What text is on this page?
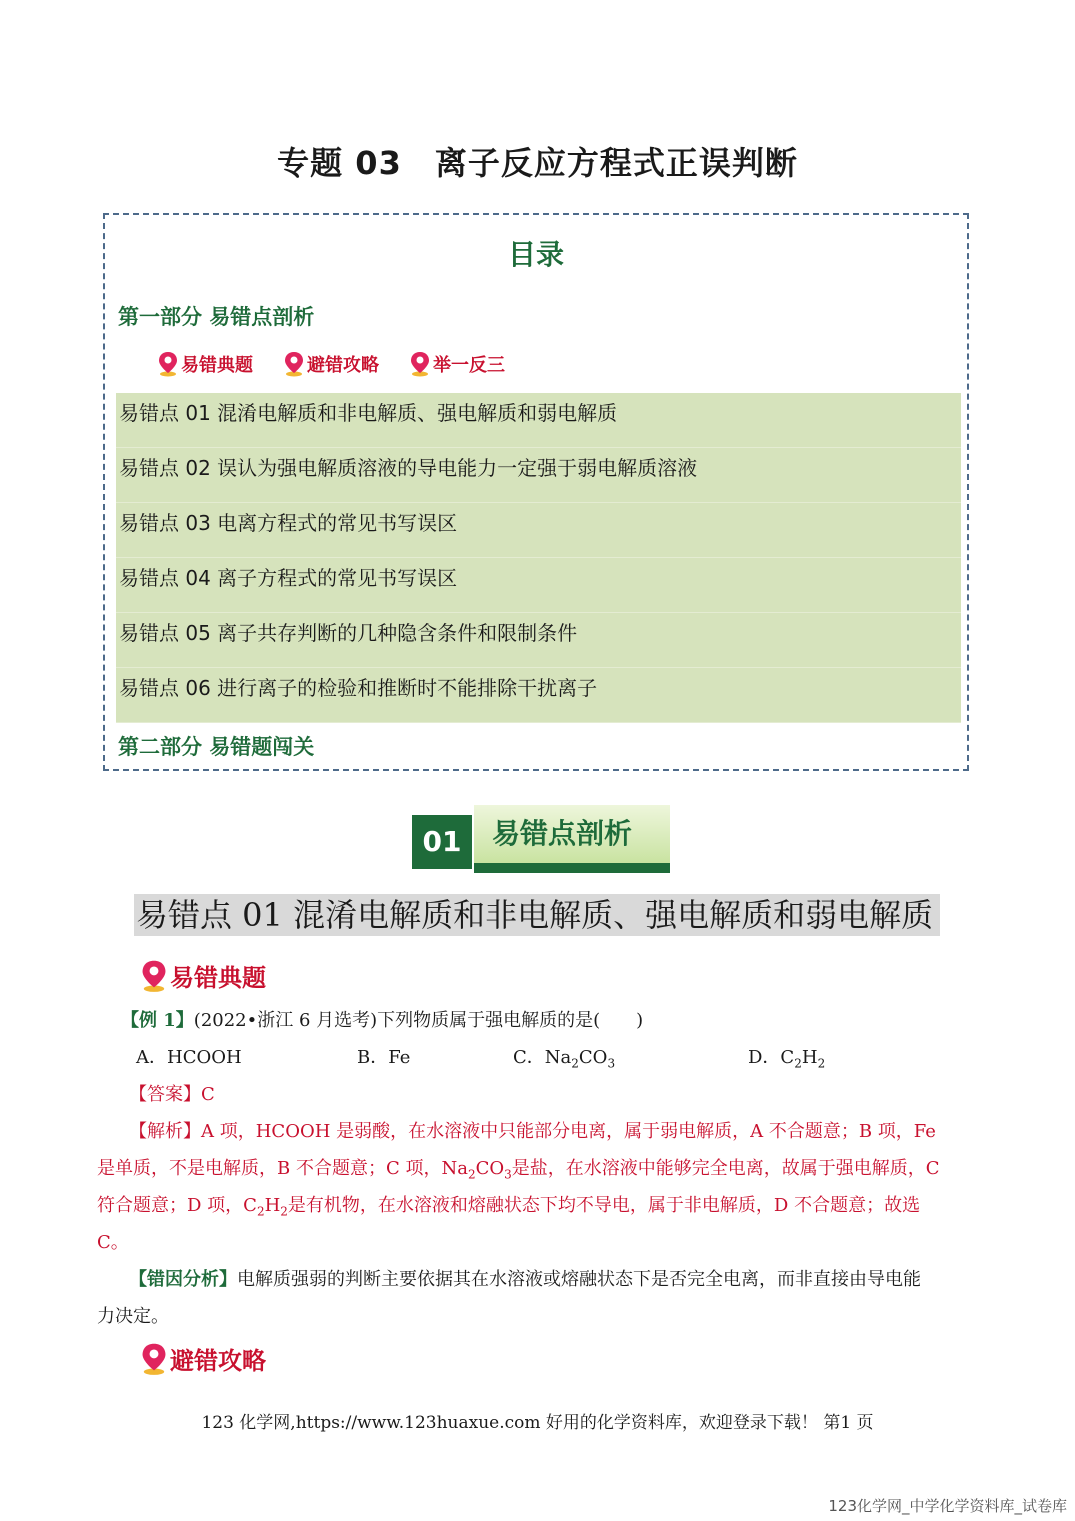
专题 03　离子反应方程式正误判断
目录
第一部分 易错点剖析
易错典题	避错攻略	举一反三
易错点 01 混淆电解质和非电解质、强电解质和弱电解质
易错点 02 误认为强电解质溶液的导电能力一定强于弱电解质溶液
易错点 03 电离方程式的常见书写误区
易错点 04 离子方程式的常见书写误区
易错点 05 离子共存判断的几种隐含条件和限制条件
易错点 06 进行离子的检验和推断时不能排除干扰离子
第二部分 易错题闯关
01	易错点剖析
易错点 01 混淆电解质和非电解质、强电解质和弱电解质
易错典题
【例 1】(2022•浙江 6 月选考)下列物质属于强电解质的是(　　)
A．HCOOH	B．Fe	C．$Na_2CO_3$	D．$C_2H_2$
【答案】C
【解析】A 项，HCOOH 是弱酸，在水溶液中只能部分电离，属于弱电解质，A 不合题意；B 项，Fe
是单质，不是电解质，B 不合题意；C 项，$Na_2CO_3$是盐，在水溶液中能够完全电离，故属于强电解质，C
符合题意；D 项，$C_2H_2$是有机物，在水溶液和熔融状态下均不导电，属于非电解质，D 不合题意；故选
C。
【错因分析】电解质强弱的判断主要依据其在水溶液或熔融状态下是否完全电离，而非直接由导电能
力决定。
避错攻略
123 化学网,https://www.123huaxue.com 好用的化学资料库，欢迎登录下载！ 第1 页
123化学网_中学化学资料库_试卷库
